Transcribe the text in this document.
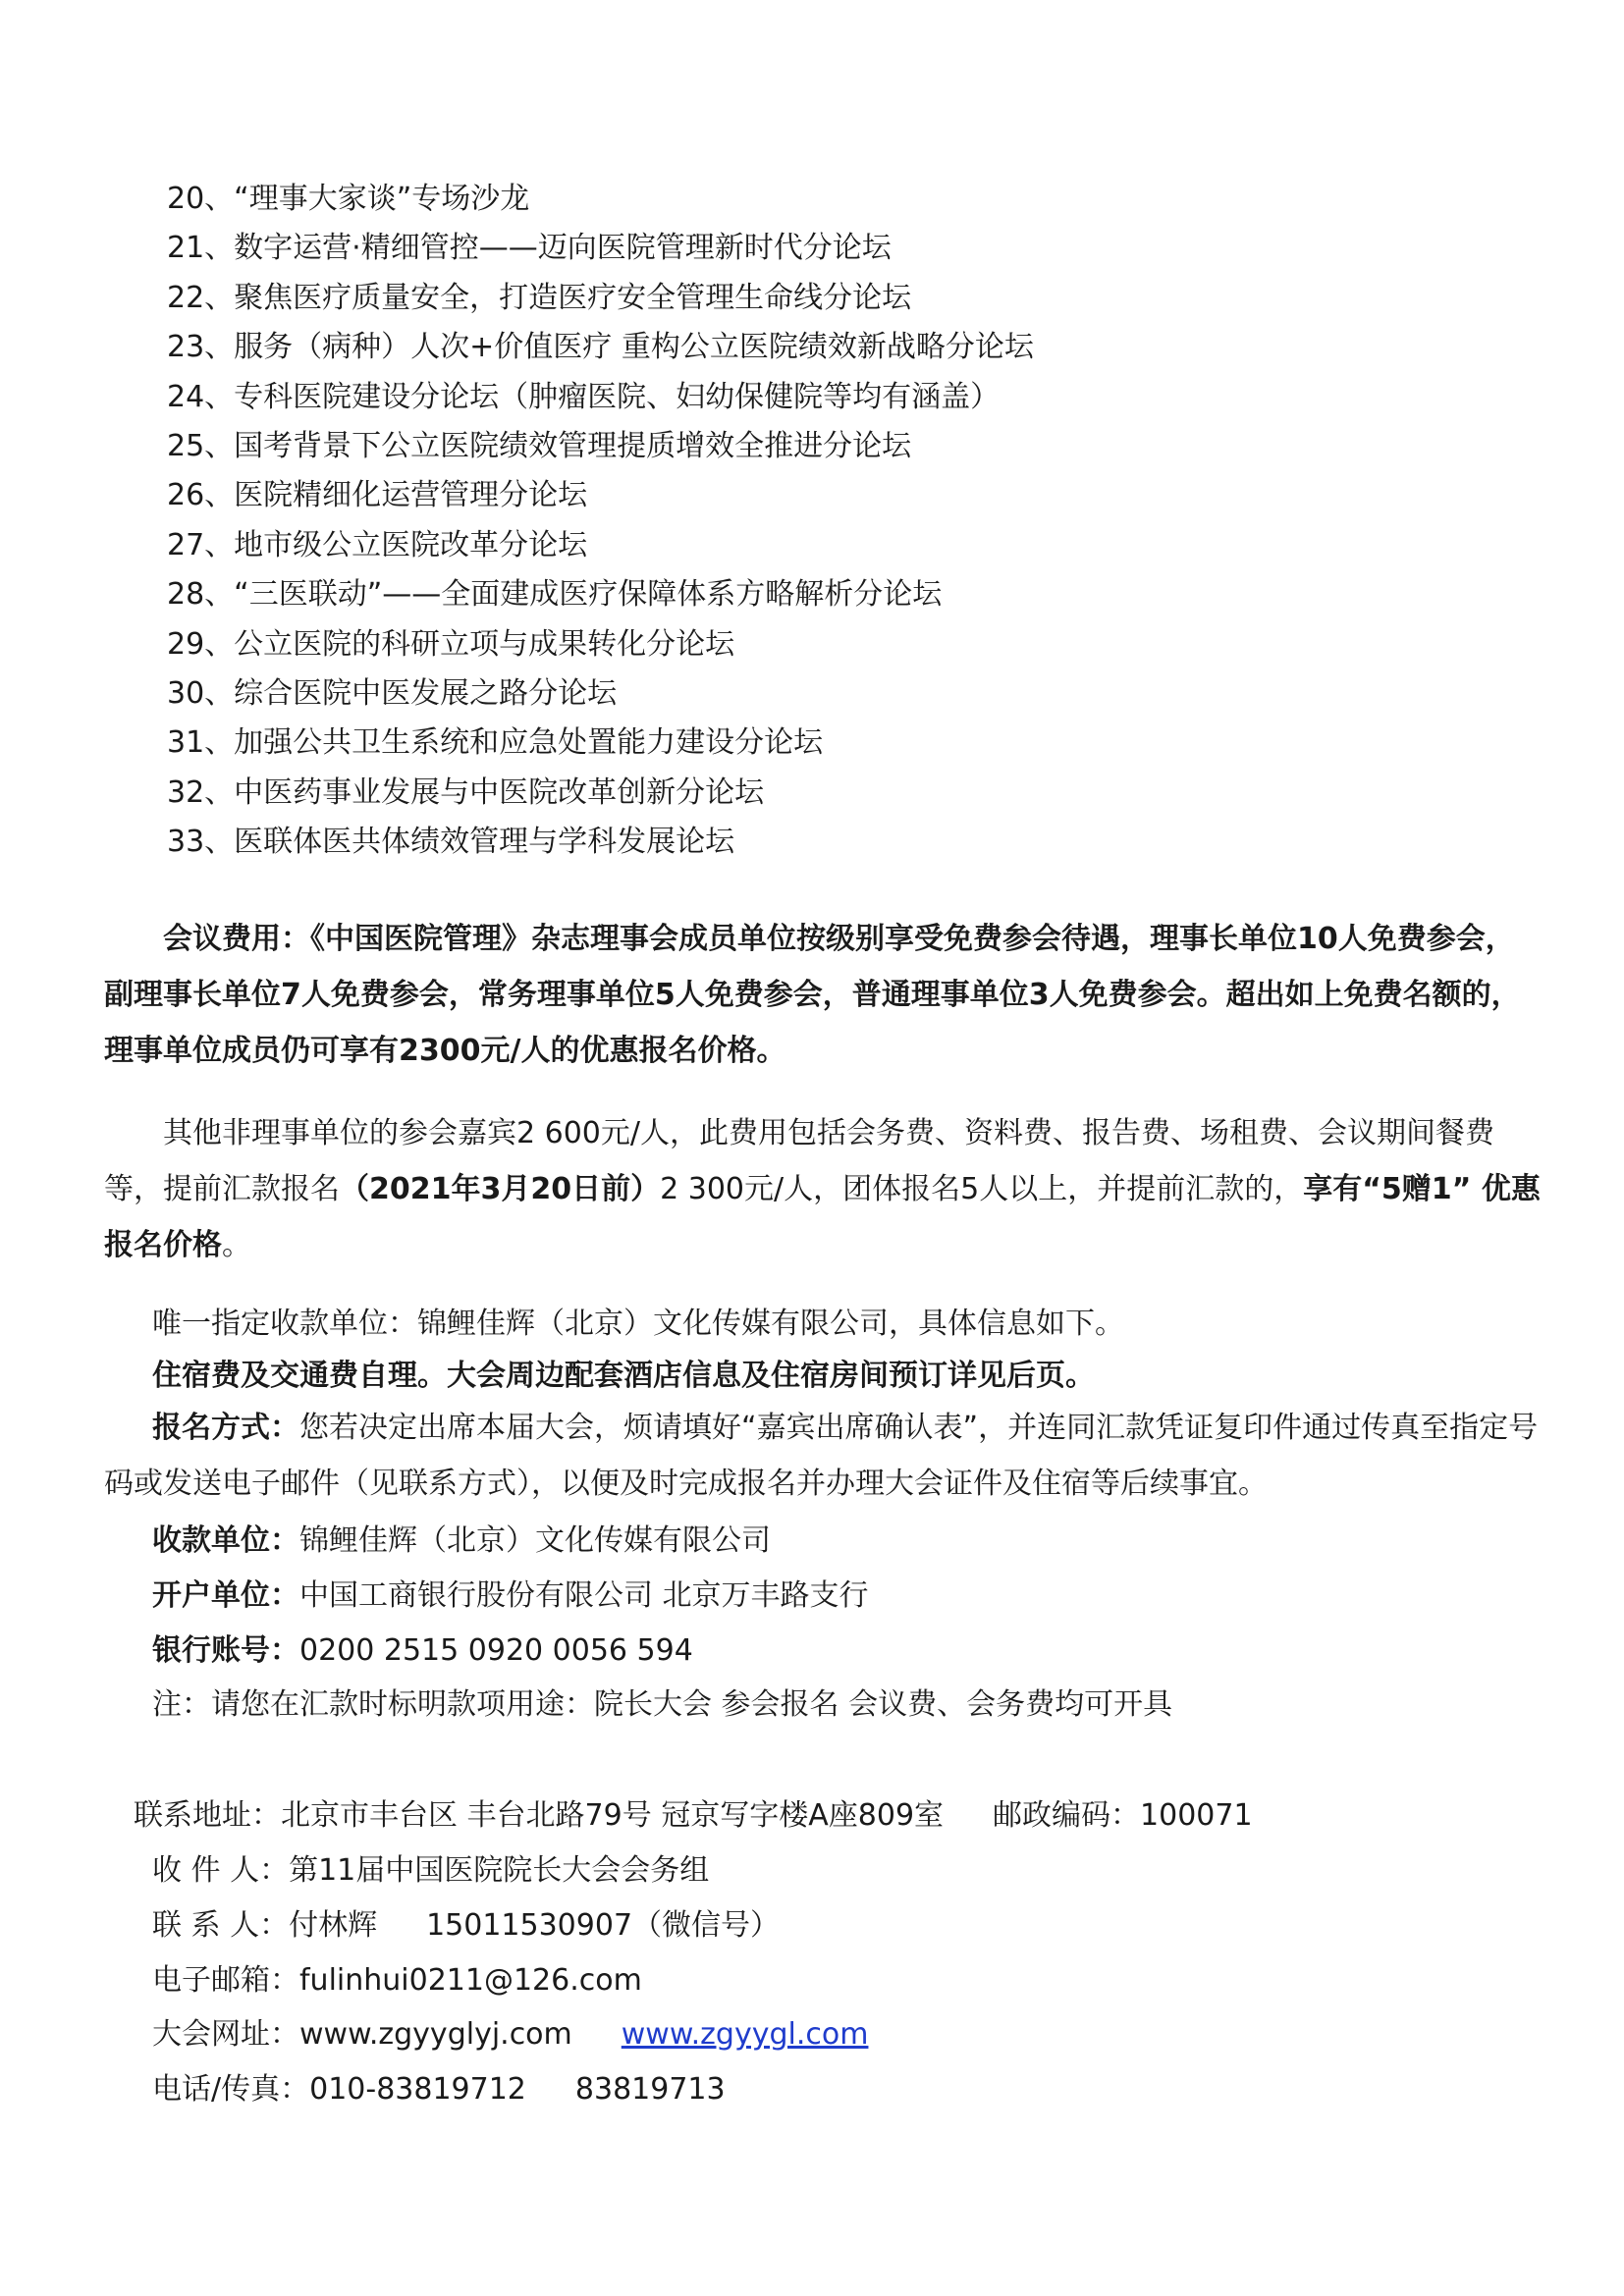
20、“理事大家谈”专场沙龙
21、数字运营·精细管控——迈向医院管理新时代分论坛
22、聚焦医疗质量安全，打造医疗安全管理生命线分论坛
23、服务（病种）人次+价值医疗 重构公立医院绩效新战略分论坛
24、专科医院建设分论坛（肿瘤医院、妇幼保健院等均有涵盖）
25、国考背景下公立医院绩效管理提质增效全推进分论坛
26、医院精细化运营管理分论坛
27、地市级公立医院改革分论坛
28、“三医联动”——全面建成医疗保障体系方略解析分论坛
29、公立医院的科研立项与成果转化分论坛
30、综合医院中医发展之路分论坛
31、加强公共卫生系统和应急处置能力建设分论坛
32、中医药事业发展与中医院改革创新分论坛
33、医联体医共体绩效管理与学科发展论坛
会议费用：《中国医院管理》杂志理事会成员单位按级别享受免费参会待遇，理事长单位10人免费参会，副理事长单位7人免费参会，常务理事单位5人免费参会，普通理事单位3人免费参会。超出如上免费名额的，理事单位成员仍可享有2300元/人的优惠报名价格。
其他非理事单位的参会嘉宾2 600元/人，此费用包括会务费、资料费、报告费、场租费、会议期间餐费等，提前汇款报名（2021年3月20日前）2 300元/人，团体报名5人以上，并提前汇款的，享有“5赠1” 优惠报名价格。
唯一指定收款单位：锦鲤佳辉（北京）文化传媒有限公司，具体信息如下。
住宿费及交通费自理。大会周边配套酒店信息及住宿房间预订详见后页。
报名方式：您若决定出席本届大会，烦请填好“嘉宾出席确认表”，并连同汇款凭证复印件通过传真至指定号码或发送电子邮件（见联系方式），以便及时完成报名并办理大会证件及住宿等后续事宜。
收款单位：锦鲤佳辉（北京）文化传媒有限公司
开户单位：中国工商银行股份有限公司 北京万丰路支行
银行账号：0200 2515 0920 0056 594
注：请您在汇款时标明款项用途：院长大会 参会报名 会议费、会务费均可开具
联系地址：北京市丰台区 丰台北路79号 冠京写字楼A座809室 邮政编码：100071
收 件 人：第11届中国医院院长大会会务组
联 系 人：付林辉 15011530907（微信号）
电子邮箱：fulinhui0211@126.com
大会网址：www.zgyyglyj.com www.zgyygl.com
电话/传真：010-83819712 83819713
